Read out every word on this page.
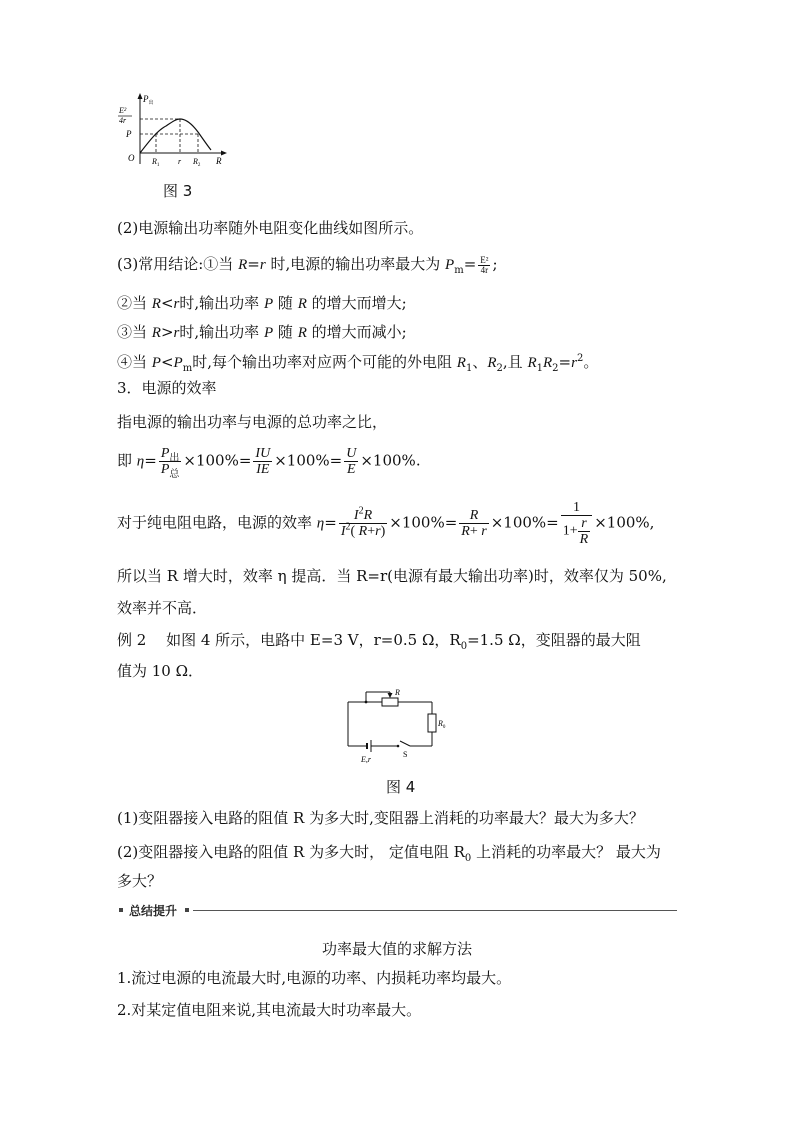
$P_出$
E²
4r
P
O $R_1$ r $R_2$ R
图 3
(2)电源输出功率随外电阻变化曲线如图所示。
(3)常用结论:①当 R=r 时,电源的输出功率最大为 $P_m= \frac{\text{E²}}{4r}$ ;
②当 R<r时,输出功率 P 随 R 的增大而增大;
③当 R>r时,输出功率 P 随 R 的增大而减小;
④当 $P<P_m$时,每个输出功率对应两个可能的外电阻 $R_1$、$R_2$,且 $R_1R_2=r^2$。
3．电源的效率
指电源的输出功率与电源的总功率之比，
即 $\eta= \frac{P_出}{P_总} \times 100\%= \frac{IU}{IE} \times 100\%= \frac{U}{E} \times 100\%$.
对于纯电阻电路，电源的效率 $\eta= \frac{I^2R}{I^2( R+r)} \times 100\%= \frac{R}{R+ r} \times 100\%= \frac{1}{1+ \frac{r}{R}} \times 100\%$,
所以当 R 增大时，效率 η 提高．当 R=r(电源有最大输出功率)时，效率仅为 50%,
效率并不高．
例 2　 如图 4 所示，电路中 E=3 V，r=0.5 Ω，$R_0=1.5$ Ω，变阻器的最大阻
值为 10 Ω．
R
$R_0$
E,r
S
图 4
(1)变阻器接入电路的阻值 R 为多大时,变阻器上消耗的功率最大？最大为多大？
(2)变阻器接入电路的阻值 R 为多大时， 定值电阻 $R_0$ 上消耗的功率最大？ 最大为
多大？
总结提升
功率最大值的求解方法
1.流过电源的电流最大时,电源的功率、内损耗功率均最大。
2.对某定值电阻来说,其电流最大时功率最大。
